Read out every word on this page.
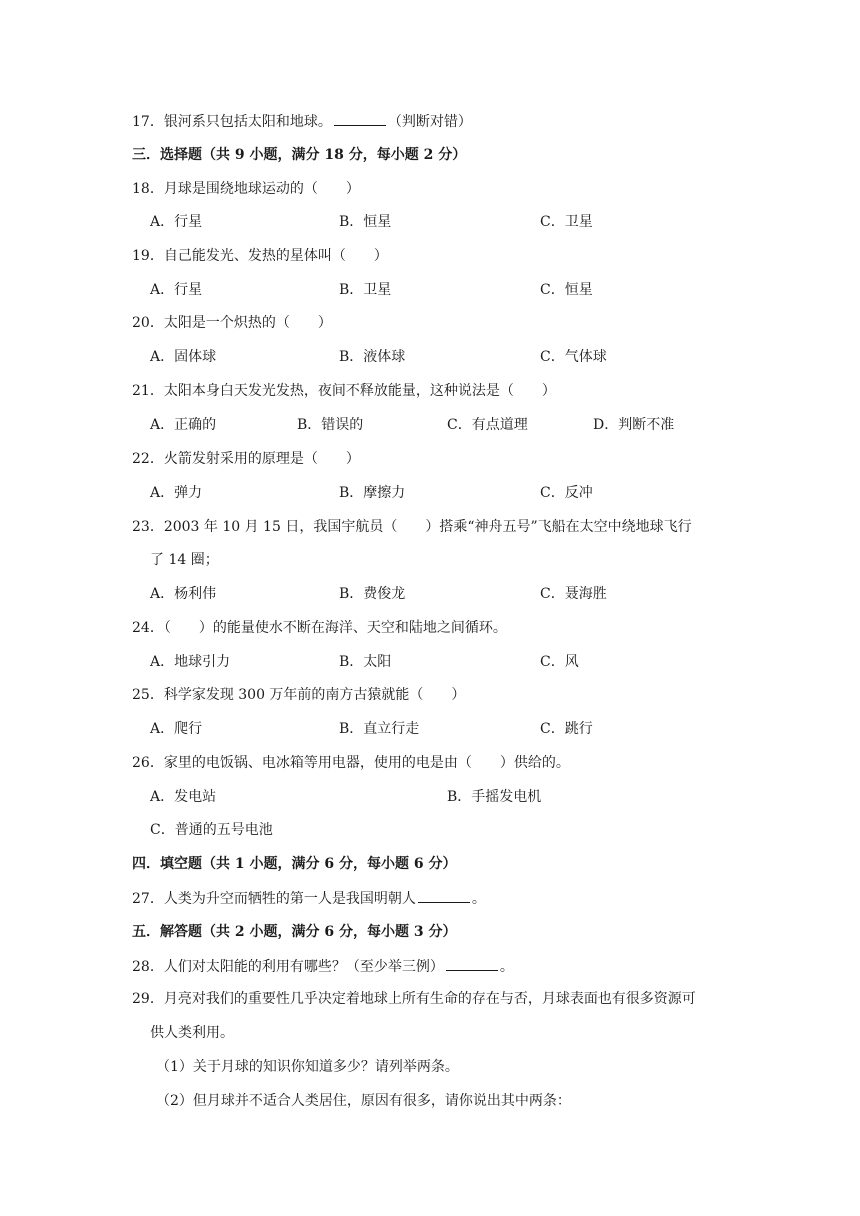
17．银河系只包括太阳和地球。	（判断对错）
三．选择题（共 9 小题，满分 18 分，每小题 2 分）
18．月球是围绕地球运动的（　　）
A．行星	B．恒星	C．卫星
19．自己能发光、发热的星体叫（　　）
A．行星	B．卫星	C．恒星
20．太阳是一个炽热的（　　）
A．固体球	B．液体球	C．气体球
21．太阳本身白天发光发热，夜间不释放能量，这种说法是（　　）
A．正确的	B．错误的	C．有点道理	D．判断不准
22．火箭发射采用的原理是（　　）
A．弹力	B．摩擦力	C．反冲
23．2003 年 10 月 15 日，我国宇航员（　　）搭乘“神舟五号”飞船在太空中绕地球飞行
了 14 圈；
A．杨利伟	B．费俊龙	C．聂海胜
24．（　　）的能量使水不断在海洋、天空和陆地之间循环。
A．地球引力	B．太阳	C．风
25．科学家发现 300 万年前的南方古猿就能（　　）
A．爬行	B．直立行走	C．跳行
26．家里的电饭锅、电冰箱等用电器，使用的电是由（　　）供给的。
A．发电站	B．手摇发电机
C．普通的五号电池
四．填空题（共 1 小题，满分 6 分，每小题 6 分）
27．人类为升空而牺牲的第一人是我国明朝人	。
五．解答题（共 2 小题，满分 6 分，每小题 3 分）
28．人们对太阳能的利用有哪些？（至少举三例）	。
29．月亮对我们的重要性几乎决定着地球上所有生命的存在与否，月球表面也有很多资源可
供人类利用。
（1）关于月球的知识你知道多少？请列举两条。
（2）但月球并不适合人类居住，原因有很多，请你说出其中两条：
